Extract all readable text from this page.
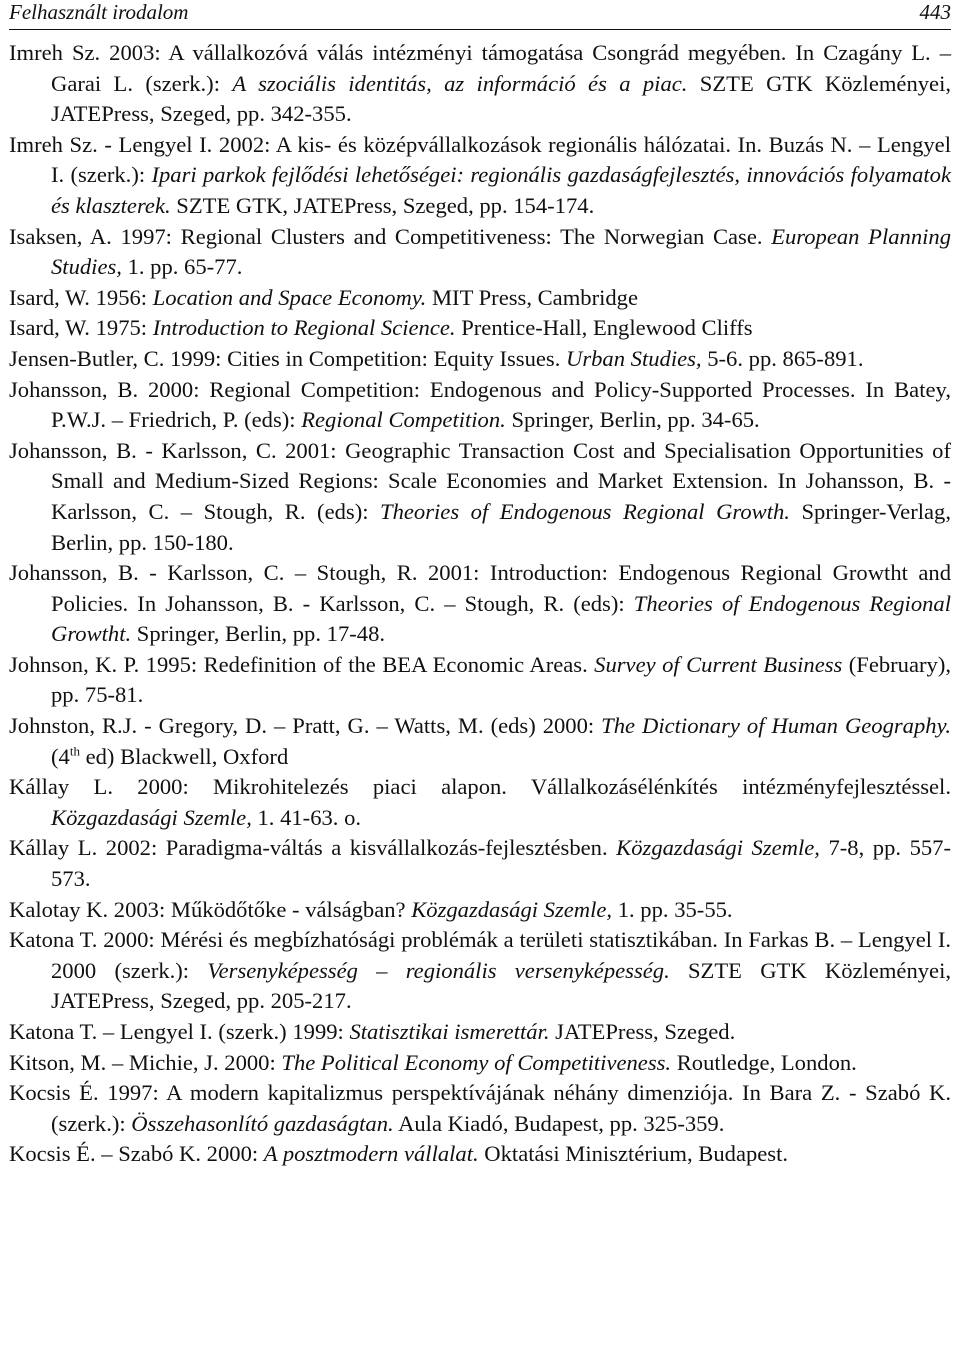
Felhasznált irodalom	443

Imreh Sz. 2003: A vállalkozóvá válás intézményi támogatása Csongrád megyében. In Czagány L. – Garai L. (szerk.): A szociális identitás, az információ és a piac. SZTE GTK Közleményei, JATEPress, Szeged, pp. 342-355.

Imreh Sz. - Lengyel I. 2002: A kis- és középvállalkozások regionális hálózatai. In. Buzás N. – Lengyel I. (szerk.): Ipari parkok fejlődési lehetőségei: regionális gazdaságfejlesztés, innovációs folyamatok és klaszterek. SZTE GTK, JATEPress, Szeged, pp. 154-174.

Isaksen, A. 1997: Regional Clusters and Competitiveness: The Norwegian Case. European Planning Studies, 1. pp. 65-77.

Isard, W. 1956: Location and Space Economy. MIT Press, Cambridge

Isard, W. 1975: Introduction to Regional Science. Prentice-Hall, Englewood Cliffs

Jensen-Butler, C. 1999: Cities in Competition: Equity Issues. Urban Studies, 5-6. pp. 865-891.

Johansson, B. 2000: Regional Competition: Endogenous and Policy-Supported Processes. In Batey, P.W.J. – Friedrich, P. (eds): Regional Competition. Springer, Berlin, pp. 34-65.

Johansson, B. - Karlsson, C. 2001: Geographic Transaction Cost and Specialisation Opportunities of Small and Medium-Sized Regions: Scale Economies and Market Extension. In Johansson, B. - Karlsson, C. – Stough, R. (eds): Theories of Endogenous Regional Growth. Springer-Verlag, Berlin, pp. 150-180.

Johansson, B. - Karlsson, C. – Stough, R. 2001: Introduction: Endogenous Regional Growtht and Policies. In Johansson, B. - Karlsson, C. – Stough, R. (eds): Theories of Endogenous Regional Growtht. Springer, Berlin, pp. 17-48.

Johnson, K. P. 1995: Redefinition of the BEA Economic Areas. Survey of Current Business (February), pp. 75-81.

Johnston, R.J. - Gregory, D. – Pratt, G. – Watts, M. (eds) 2000: The Dictionary of Human Geography. (4th ed) Blackwell, Oxford

Kállay L. 2000: Mikrohitelezés piaci alapon. Vállalkozásélénkítés intézményfejlesztéssel. Közgazdasági Szemle, 1. 41-63. o.

Kállay L. 2002: Paradigma-váltás a kisvállalkozás-fejlesztésben. Közgazdasági Szemle, 7-8, pp. 557-573.

Kalotay K. 2003: Működőtőke - válságban? Közgazdasági Szemle, 1. pp. 35-55.

Katona T. 2000: Mérési és megbízhatósági problémák a területi statisztikában. In Farkas B. – Lengyel I. 2000 (szerk.): Versenyképesség – regionális versenyképesség. SZTE GTK Közleményei, JATEPress, Szeged, pp. 205-217.

Katona T. – Lengyel I. (szerk.) 1999: Statisztikai ismerettár. JATEPress, Szeged.

Kitson, M. – Michie, J. 2000: The Political Economy of Competitiveness. Routledge, London.

Kocsis É. 1997: A modern kapitalizmus perspektívájának néhány dimenziója. In Bara Z. - Szabó K. (szerk.): Összehasonlító gazdaságtan. Aula Kiadó, Budapest, pp. 325-359.

Kocsis É. – Szabó K. 2000: A posztmodern vállalat. Oktatási Minisztérium, Budapest.
